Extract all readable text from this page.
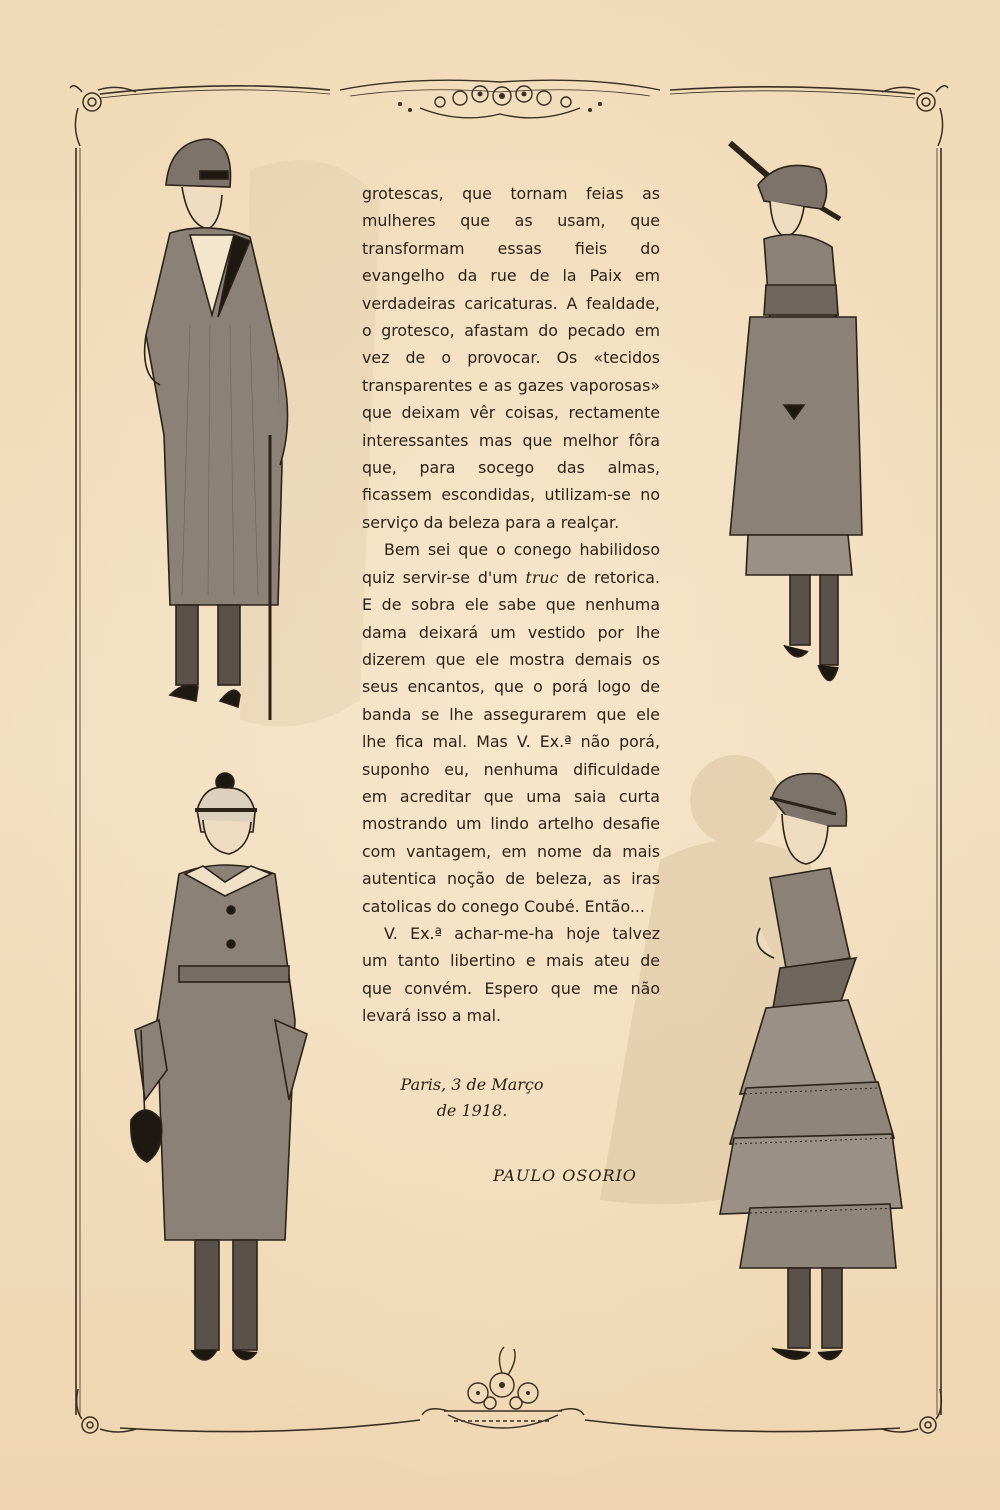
grotescas, que tornam feias as mulheres que as usam, que transformam essas fieis do evangelho da rue de la Paix em verdadeiras caricaturas. A fealdade, o grotesco, afastam do pecado em vez de o provocar. Os «tecidos transparentes e as gazes vaporosas» que deixam vêr coisas, rectamente interessantes mas que melhor fôra que, para socego das almas, ficassem escondidas, utilizam-se no serviço da beleza para a realçar.

Bem sei que o conego habilidoso quiz servir-se d'um truc de retorica. E de sobra ele sabe que nenhuma dama deixará um vestido por lhe dizerem que ele mostra demais os seus encantos, que o porá logo de banda se lhe assegurarem que ele lhe fica mal. Mas V. Ex.ª não porá, suponho eu, nenhuma dificuldade em acreditar que uma saia curta mostrando um lindo artelho desafie com vantagem, em nome da mais autentica noção de beleza, as iras catolicas do conego Coubé. Então...

V. Ex.ª achar-me-ha hoje talvez um tanto libertino e mais ateu de que convém. Espero que me não levará isso a mal.

Paris, 3 de Março
de 1918.
PAULO OSORIO
